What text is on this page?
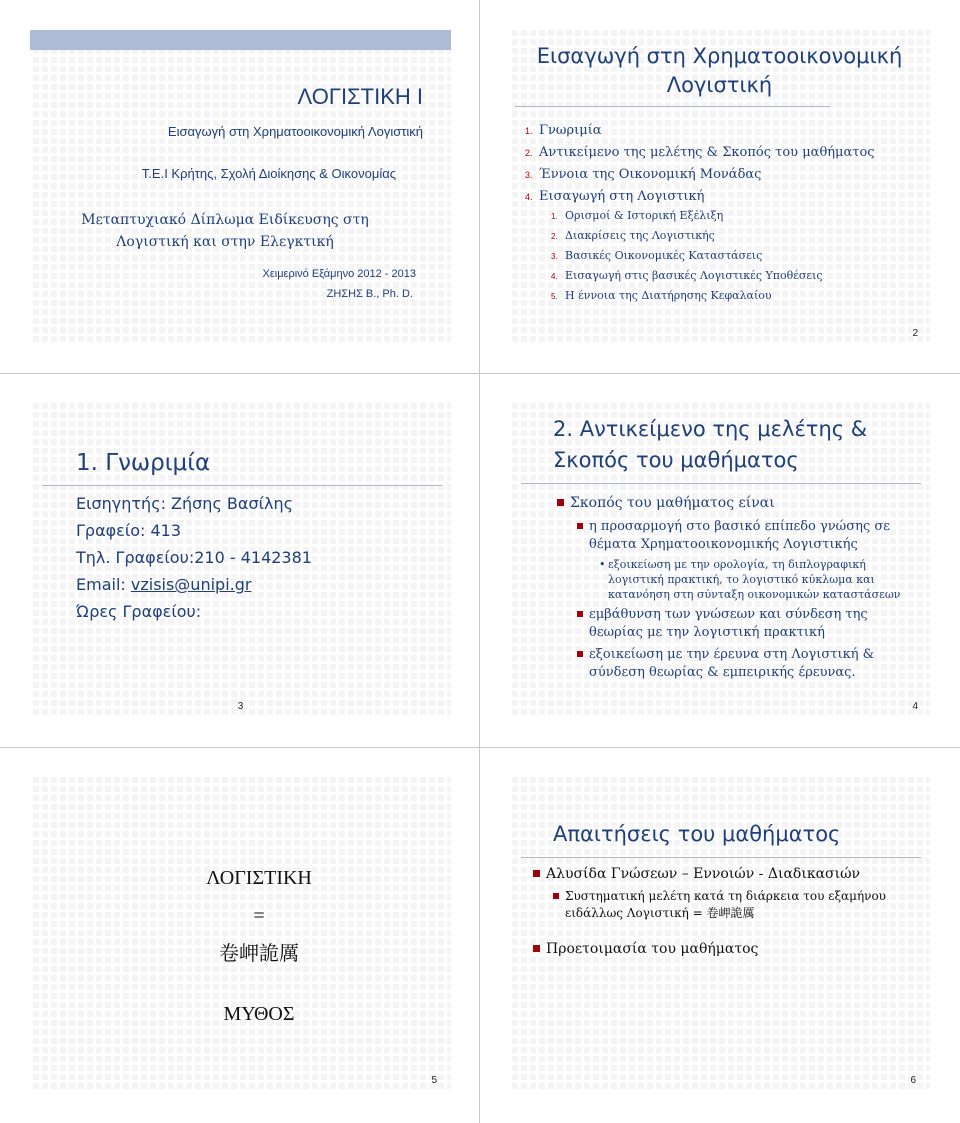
ΛΟΓΙΣΤΙΚΗ Ι
Εισαγωγή στη Χρηματοοικονομική Λογιστική
Τ.Ε.Ι Κρήτης, Σχολή Διοίκησης & Οικονομίας
Μεταπτυχιακό Δίπλωμα Ειδίκευσης στη
Λογιστική και στην Ελεγκτική
Χειμερινό Εξάμηνο 2012 - 2013
ΖΗΣΗΣ Β., Ph. D.
Εισαγωγή στη Χρηματοοικονομική
Λογιστική
1. Γνωριμία
2. Αντικείμενο της μελέτης & Σκοπός του μαθήματος
3. Έννοια της Οικονομική Μονάδας
4. Εισαγωγή στη Λογιστική
1. Ορισμοί & Ιστορική Εξέλιξη
2. Διακρίσεις της Λογιστικής
3. Βασικές Οικονομικές Καταστάσεις
4. Εισαγωγή στις βασικές Λογιστικές Υποθέσεις
5. Η έννοια της Διατήρησης Κεφαλαίου
2
1. Γνωριμία
Εισηγητής: Ζήσης Βασίλης
Γραφείο: 413
Τηλ. Γραφείου:210 - 4142381
Email: vzisis@unipi.gr
Ώρες Γραφείου:
3
2. Αντικείμενο της μελέτης &
Σκοπός του μαθήματος
Σκοπός του μαθήματος είναι
η προσαρμογή στο βασικό επίπεδο γνώσης σε
θέματα Χρηματοοικονομικής Λογιστικής
• εξοικείωση με την ορολογία, τη διπλογραφική
λογιστική πρακτική, το λογιστικό κύκλωμα και
κατανόηση στη σύνταξη οικονομικών καταστάσεων
εμβάθυνση των γνώσεων και σύνδεση της
θεωρίας με την λογιστική πρακτική
εξοικείωση με την έρευνα στη Λογιστική &
σύνδεση θεωρίας & εμπειρικής έρευνας.
4
ΛΟΓΙΣΤΙΚΗ
=
卷岬詭厲
ΜΥΘΟΣ
5
Απαιτήσεις του μαθήματος
Αλυσίδα Γνώσεων – Εννοιών - Διαδικασιών
Συστηματική μελέτη κατά τη διάρκεια του εξαμήνου
ειδάλλως Λογιστική = 卷岬詭厲
Προετοιμασία του μαθήματος
6
